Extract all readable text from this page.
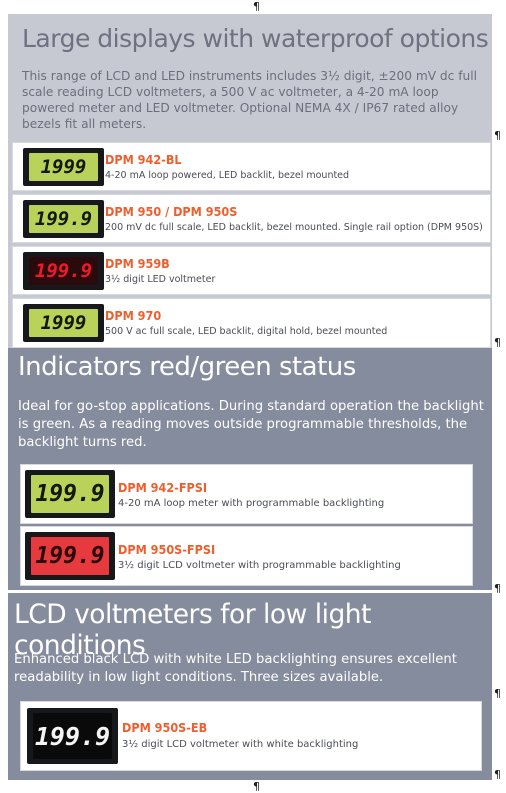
¶
¶
¶
¶
¶
¶
¶
Large displays with waterproof options

This range of LCD and LED instruments includes 3½ digit, ±200 mV dc full scale reading LCD voltmeters, a 500 V ac voltmeter, a 4-20 mA loop powered meter and LED voltmeter. Optional NEMA 4X / IP67 rated alloy bezels fit all meters.

1999	DPM 942-BL
4-20 mA loop powered, LED backlit, bezel mounted
199.9	DPM 950 / DPM 950S
200 mV dc full scale, LED backlit, bezel mounted. Single rail option (DPM 950S)
199.9	DPM 959B
3½ digit LED voltmeter
1999	DPM 970
500 V ac full scale, LED backlit, digital hold, bezel mounted
Indicators red/green status

Ideal for go-stop applications. During standard operation the backlight is green. As a reading moves outside programmable thresholds, the backlight turns red.

199.9	DPM 942-FPSI
4-20 mA loop meter with programmable backlighting
199.9	DPM 950S-FPSI
3½ digit LCD voltmeter with programmable backlighting
LCD voltmeters for low light conditions

Enhanced black LCD with white LED backlighting ensures excellent readability in low light conditions. Three sizes available.

199.9 DPM 950S-EB
3½ digit LCD voltmeter with white backlighting
